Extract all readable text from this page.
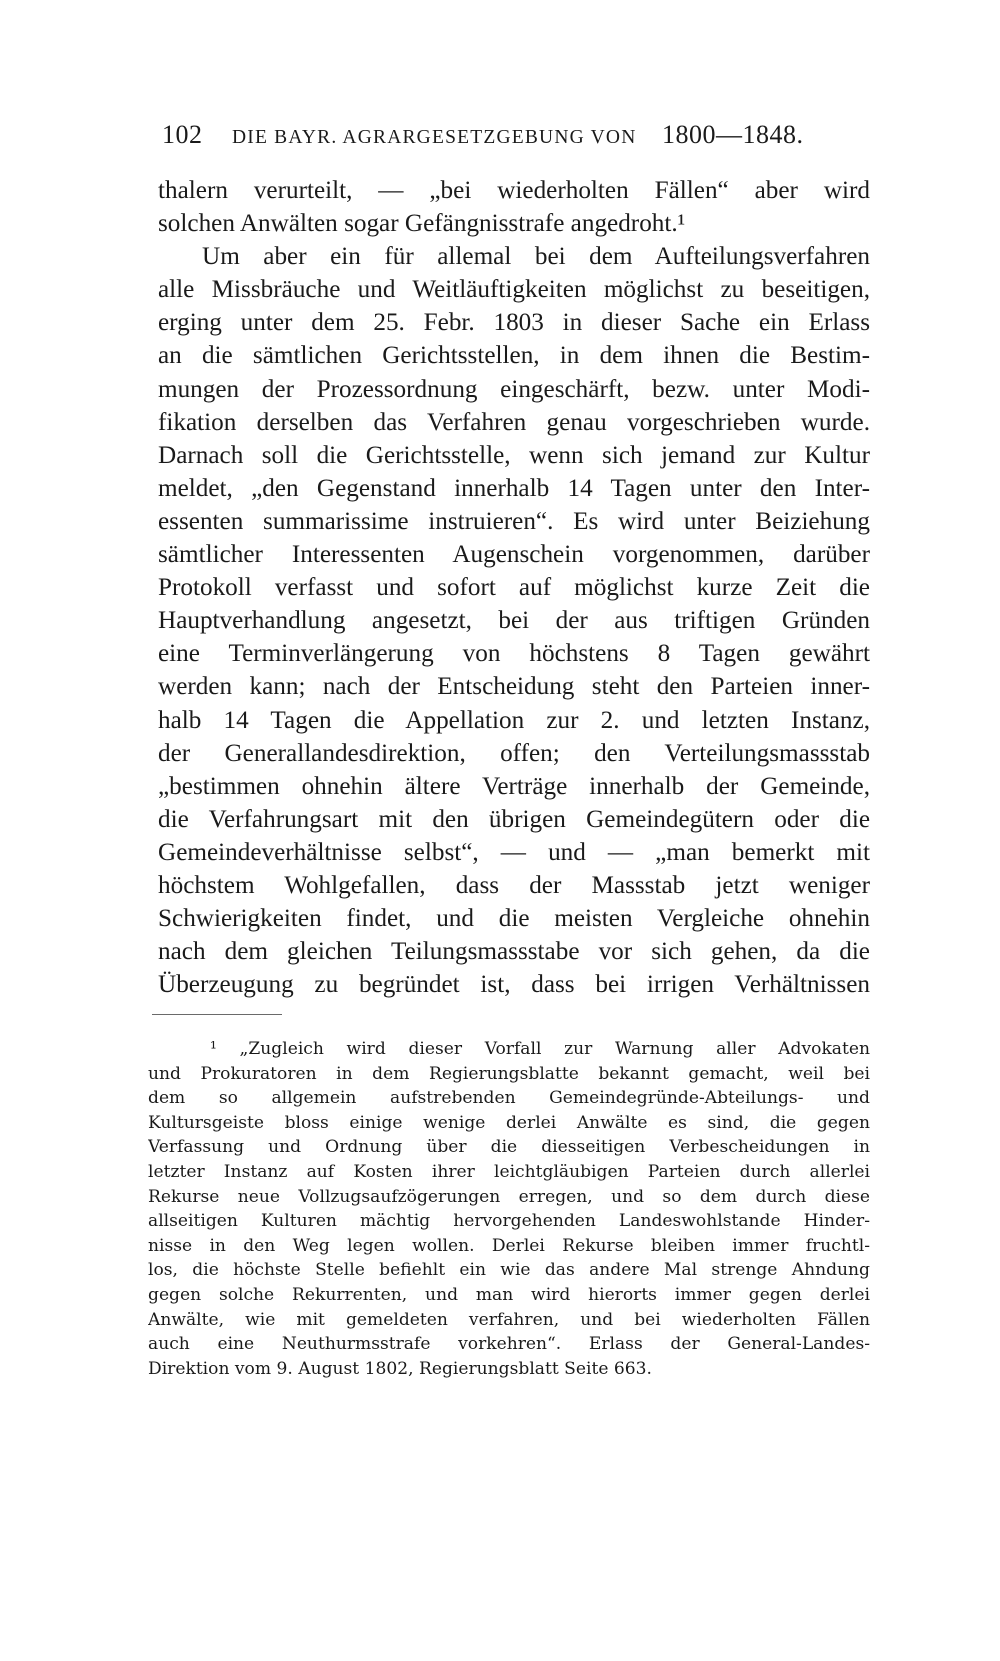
102 DIE BAYR. AGRARGESETZGEBUNG VON 1800—1848.
thalern verurteilt, — „bei wiederholten Fällen“ aber wird
solchen Anwälten sogar Gefängnisstrafe angedroht.¹
Um aber ein für allemal bei dem Aufteilungsverfahren
alle Missbräuche und Weitläuftigkeiten möglichst zu beseitigen,
erging unter dem 25. Febr. 1803 in dieser Sache ein Erlass
an die sämtlichen Gerichtsstellen, in dem ihnen die Bestim-
mungen der Prozessordnung eingeschärft, bezw. unter Modi-
fikation derselben das Verfahren genau vorgeschrieben wurde.
Darnach soll die Gerichtsstelle, wenn sich jemand zur Kultur
meldet, „den Gegenstand innerhalb 14 Tagen unter den Inter-
essenten summarissime instruieren“. Es wird unter Beiziehung
sämtlicher Interessenten Augenschein vorgenommen, darüber
Protokoll verfasst und sofort auf möglichst kurze Zeit die
Hauptverhandlung angesetzt, bei der aus triftigen Gründen
eine Terminverlängerung von höchstens 8 Tagen gewährt
werden kann; nach der Entscheidung steht den Parteien inner-
halb 14 Tagen die Appellation zur 2. und letzten Instanz,
der Generallandesdirektion, offen; den Verteilungsmassstab
„bestimmen ohnehin ältere Verträge innerhalb der Gemeinde,
die Verfahrungsart mit den übrigen Gemeindegütern oder die
Gemeindeverhältnisse selbst“, — und — „man bemerkt mit
höchstem Wohlgefallen, dass der Massstab jetzt weniger
Schwierigkeiten findet, und die meisten Vergleiche ohnehin
nach dem gleichen Teilungsmassstabe vor sich gehen, da die
Überzeugung zu begründet ist, dass bei irrigen Verhältnissen
¹ „Zugleich wird dieser Vorfall zur Warnung aller Advokaten
und Prokuratoren in dem Regierungsblatte bekannt gemacht, weil bei
dem so allgemein aufstrebenden Gemeindegründe-Abteilungs- und
Kultursgeiste bloss einige wenige derlei Anwälte es sind, die gegen
Verfassung und Ordnung über die diesseitigen Verbescheidungen in
letzter Instanz auf Kosten ihrer leichtgläubigen Parteien durch allerlei
Rekurse neue Vollzugsaufzögerungen erregen, und so dem durch diese
allseitigen Kulturen mächtig hervorgehenden Landeswohlstande Hinder-
nisse in den Weg legen wollen. Derlei Rekurse bleiben immer fruchtl-
los, die höchste Stelle befiehlt ein wie das andere Mal strenge Ahndung
gegen solche Rekurrenten, und man wird hierorts immer gegen derlei
Anwälte, wie mit gemeldeten verfahren, und bei wiederholten Fällen
auch eine Neuthurmsstrafe vorkehren“. Erlass der General-Landes-
Direktion vom 9. August 1802, Regierungsblatt Seite 663.
